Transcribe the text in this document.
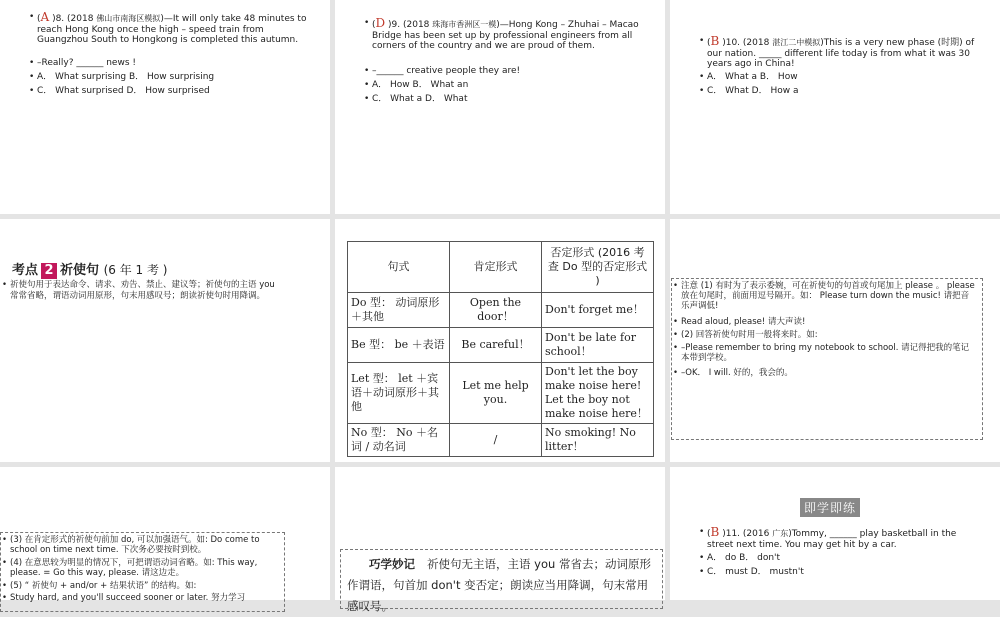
• (A )8. (2018 佛山市南海区模拟)—It will only take 48 minutes to reach Hong Kong once the high – speed train from Guangzhou South to Hongkong is completed this autumn.
• –Really? ______ news !
• A． What surprising B． How surprising
• C． What surprised D． How surprised
• (D )9. (2018 珠海市香洲区一模)—Hong Kong – Zhuhai – Macao Bridge has been set up by professional engineers from all corners of the country and we are proud of them.
• –______ creative people they are!
• A． How B． What an
• C． What a D． What
• (B )10. (2018 湛江二中模拟)This is a very new phase (时期) of our nation. _____ different life today is from what it was 30 years ago in China!
• A． What a B． How
• C． What D． How a
考点 2 祈使句 (6 年 1 考 )
• 祈使句用于表达命令、请求、劝告、禁止、建议等；祈使句的主语 you 常常省略，谓语动词用原形，句末用感叹号；朗读祈使句时用降调。
句式	肯定形式	否定形式 (2016 考查 Do 型的否定形式 )
Do 型： 动词原形＋其他	Open the door！	Don't forget me！
Be 型： be ＋表语	Be careful！	Don't be late for school！
Let 型： let ＋宾语＋动词原形＋其他	Let me help you.	Don't let the boy make noise here! Let the boy not make noise here！
No 型： No ＋名词 / 动名词	/	No smoking! No litter！
• 注意 (1) 有时为了表示委婉，可在祈使句的句首或句尾加上 please 。 please 放在句尾时，前面用逗号隔开。如： Please turn down the music! 请把音乐声调低!
• Read aloud, please! 请大声读!
• (2) 回答祈使句时用一般将来时。如:
• –Please remember to bring my notebook to school. 请记得把我的笔记本带到学校。
• –OK． I will. 好的，我会的。
• (3) 在肯定形式的祈使句前加 do, 可以加强语气。如: Do come to school on time next time. 下次务必要按时到校。
• (4) 在意思较为明显的情况下，可把谓语动词省略。如: This way, please. = Go this way, please. 请这边走。
• (5) “ 祈使句 + and/or + 结果状语” 的结构。如:
• Study hard, and you'll succeed sooner or later. 努力学习
巧学妙记 祈使句无主语，主语 you 常省去；动词原形作谓语，句首加 don't 变否定；朗读应当用降调，句末常用感叹号。
即学即练
• (B )11. (2016 广东)Tommy, ______ play basketball in the street next time. You may get hit by a car.
• A． do B． don't
• C． must D． mustn't
